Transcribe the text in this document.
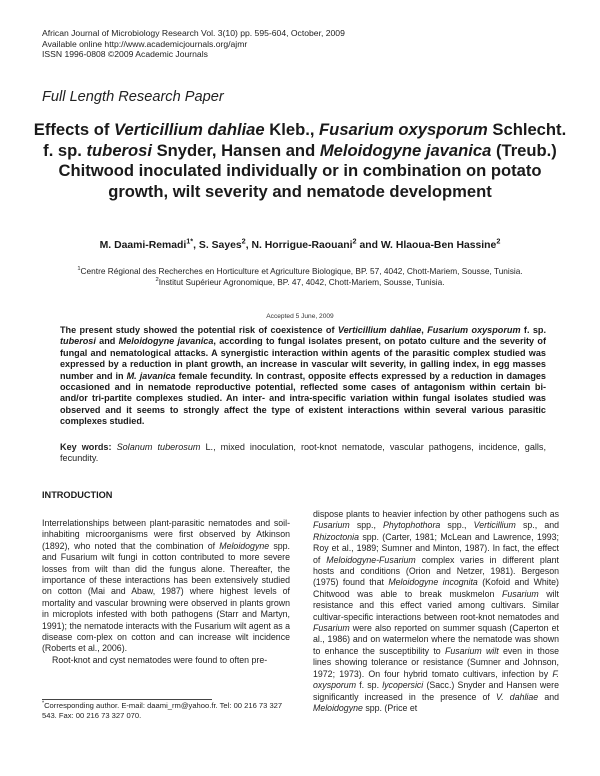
African Journal of Microbiology Research Vol. 3(10) pp. 595-604, October, 2009
Available online http://www.academicjournals.org/ajmr
ISSN 1996-0808 ©2009 Academic Journals
Full Length Research Paper
Effects of Verticillium dahliae Kleb., Fusarium oxysporum Schlecht. f. sp. tuberosi Snyder, Hansen and Meloidogyne javanica (Treub.) Chitwood inoculated individually or in combination on potato growth, wilt severity and nematode development
M. Daami-Remadi$^{1*}$, S. Sayes$^2$, N. Horrigue-Raouani$^2$ and W. Hlaoua-Ben Hassine$^2$
$^1$Centre Régional des Recherches en Horticulture et Agriculture Biologique, BP. 57, 4042, Chott-Mariem, Sousse, Tunisia.
$^2$Institut Supérieur Agronomique, BP. 47, 4042, Chott-Mariem, Sousse, Tunisia.
Accepted 5 June, 2009
The present study showed the potential risk of coexistence of Verticillium dahliae, Fusarium oxysporum f. sp. tuberosi and Meloidogyne javanica, according to fungal isolates present, on potato culture and the severity of fungal and nematological attacks. A synergistic interaction within agents of the parasitic complex studied was expressed by a reduction in plant growth, an increase in vascular wilt severity, in galling index, in egg masses number and in M. javanica female fecundity. In contrast, opposite effects expressed by a reduction in damages occasioned and in nematode reproductive potential, reflected some cases of antagonism within certain bi- and/or tri-partite complexes studied. An inter- and intra-specific variation within fungal isolates studied was observed and it seems to strongly affect the type of existent interactions within several various parasitic complexes studied.
Key words: Solanum tuberosum L., mixed inoculation, root-knot nematode, vascular pathogens, incidence, galls, fecundity.
INTRODUCTION
Interrelationships between plant-parasitic nematodes and soil-inhabiting microorganisms were first observed by Atkinson (1892), who noted that the combination of Meloidogyne spp. and Fusarium wilt fungi in cotton contributed to more severe losses from wilt than did the fungus alone. Thereafter, the importance of these interactions has been extensively studied on cotton (Mai and Abaw, 1987) where highest levels of mortality and vascular browning were observed in plants grown in microplots infested with both pathogens (Starr and Martyn, 1991); the nematode interacts with the Fusarium wilt agent as a disease com-plex on cotton and can increase wilt incidence (Roberts et al., 2006).
Root-knot and cyst nematodes were found to often pre-
dispose plants to heavier infection by other pathogens such as Fusarium spp., Phytophothora spp., Verticillium sp., and Rhizoctonia spp. (Carter, 1981; McLean and Lawrence, 1993; Roy et al., 1989; Sumner and Minton, 1987). In fact, the effect of Meloidogyne-Fusarium complex varies in different plant hosts and conditions (Orion and Netzer, 1981). Bergeson (1975) found that Meloidogyne incognita (Kofoid and White) Chitwood was able to break muskmelon Fusarium wilt resistance and this effect varied among cultivars. Similar cultivar-specific interactions between root-knot nematodes and Fusarium were also reported on summer squash (Caperton et al., 1986) and on watermelon where the nematode was shown to enhance the susceptibility to Fusarium wilt even in those lines showing tolerance or resistance (Sumner and Johnson, 1972; 1973). On four hybrid tomato cultivars, infection by F. oxysporum f. sp. lycopersici (Sacc.) Snyder and Hansen were significantly increased in the presence of V. dahliae and Meloidogyne spp. (Price et
*Corresponding author. E-mail: daami_rm@yahoo.fr. Tel: 00 216 73 327 543. Fax: 00 216 73 327 070.
